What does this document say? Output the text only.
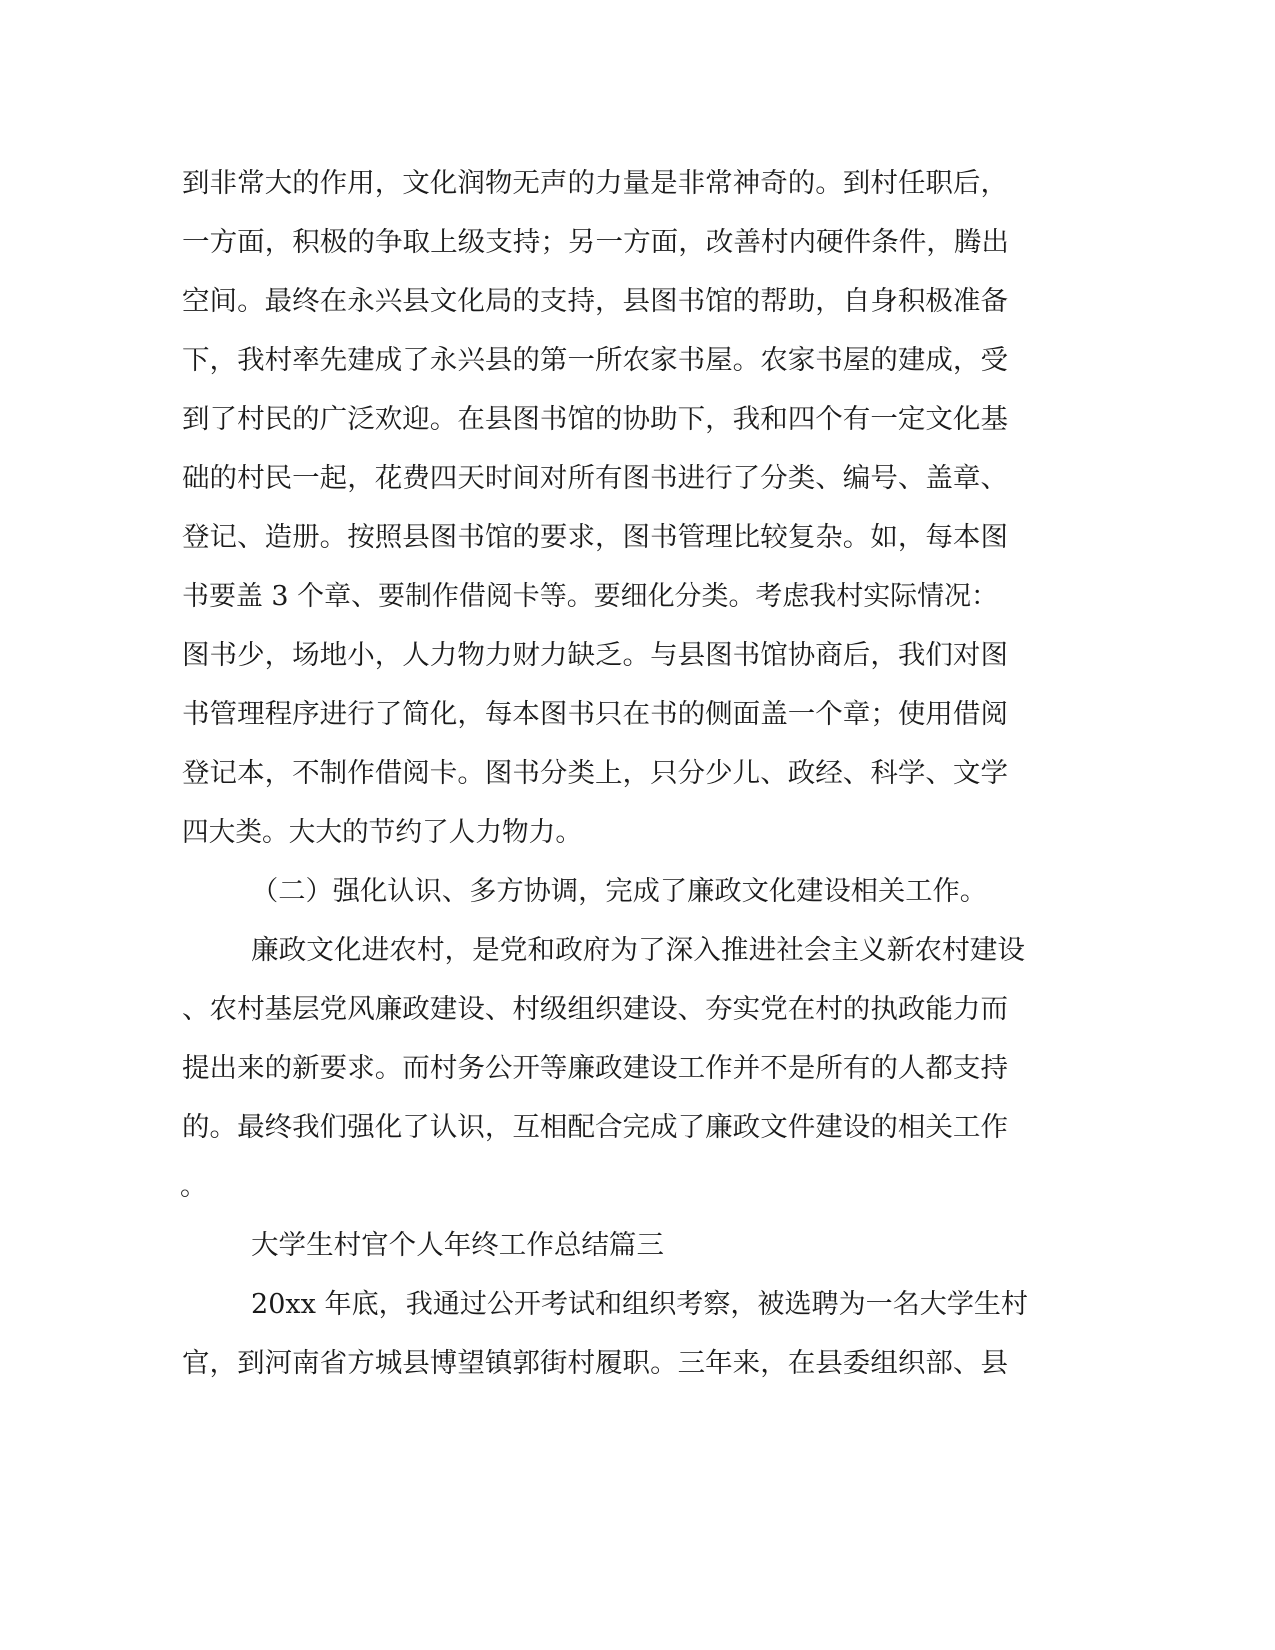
到非常大的作用，文化润物无声的力量是非常神奇的。到村任职后，
一方面，积极的争取上级支持；另一方面，改善村内硬件条件，腾出
空间。最终在永兴县文化局的支持，县图书馆的帮助，自身积极准备
下，我村率先建成了永兴县的第一所农家书屋。农家书屋的建成，受
到了村民的广泛欢迎。在县图书馆的协助下，我和四个有一定文化基
础的村民一起，花费四天时间对所有图书进行了分类、编号、盖章、
登记、造册。按照县图书馆的要求，图书管理比较复杂。如，每本图
书要盖 3 个章、要制作借阅卡等。要细化分类。考虑我村实际情况：
图书少，场地小，人力物力财力缺乏。与县图书馆协商后，我们对图
书管理程序进行了简化，每本图书只在书的侧面盖一个章；使用借阅
登记本，不制作借阅卡。图书分类上，只分少儿、政经、科学、文学
四大类。大大的节约了人力物力。
（二）强化认识、多方协调，完成了廉政文化建设相关工作。
廉政文化进农村，是党和政府为了深入推进社会主义新农村建设
、农村基层党风廉政建设、村级组织建设、夯实党在村的执政能力而
提出来的新要求。而村务公开等廉政建设工作并不是所有的人都支持
的。最终我们强化了认识，互相配合完成了廉政文件建设的相关工作
。
大学生村官个人年终工作总结篇三
20xx 年底，我通过公开考试和组织考察，被选聘为一名大学生村
官，到河南省方城县博望镇郭街村履职。三年来，在县委组织部、县
